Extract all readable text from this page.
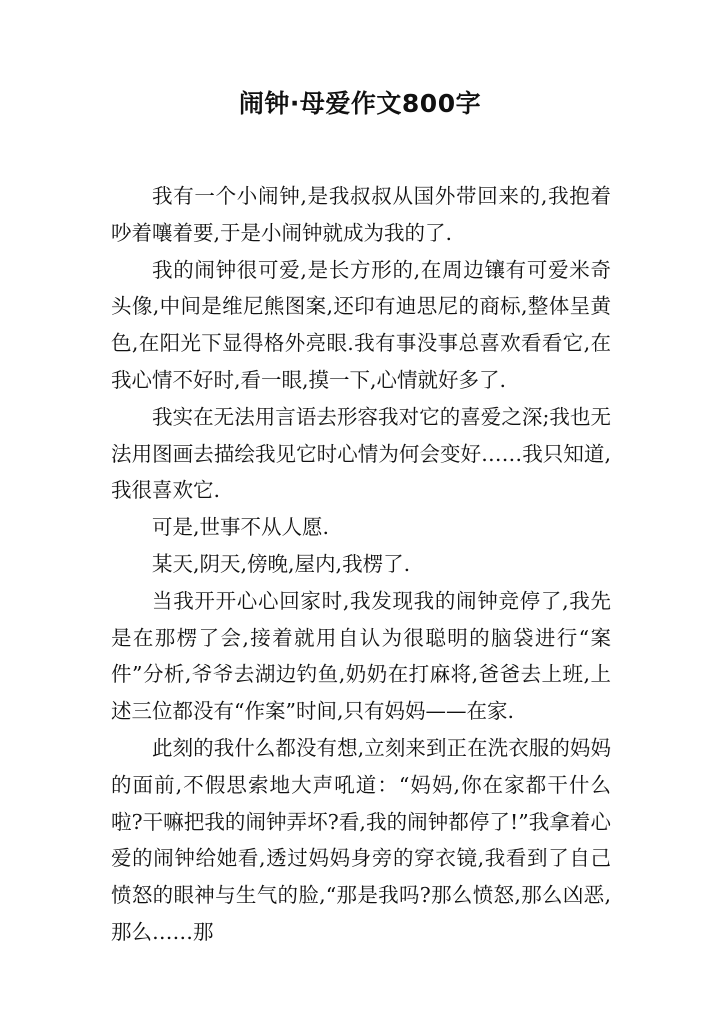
闹钟·母爱作文800字

我有一个小闹钟,是我叔叔从国外带回来的,我抱着吵着嚷着要,于是小闹钟就成为我的了.

我的闹钟很可爱,是长方形的,在周边镶有可爱米奇头像,中间是维尼熊图案,还印有迪思尼的商标,整体呈黄色,在阳光下显得格外亮眼.我有事没事总喜欢看看它,在我心情不好时,看一眼,摸一下,心情就好多了.

我实在无法用言语去形容我对它的喜爱之深;我也无法用图画去描绘我见它时心情为何会变好……我只知道,我很喜欢它.

可是,世事不从人愿.

某天,阴天,傍晚,屋内,我楞了.

当我开开心心回家时,我发现我的闹钟竞停了,我先是在那楞了会,接着就用自认为很聪明的脑袋进行“案件”分析,爷爷去湖边钓鱼,奶奶在打麻将,爸爸去上班,上述三位都没有“作案”时间,只有妈妈——在家.

此刻的我什么都没有想,立刻来到正在洗衣服的妈妈的面前,不假思索地大声吼道：“妈妈,你在家都干什么啦?干嘛把我的闹钟弄坏?看,我的闹钟都停了!”我拿着心爱的闹钟给她看,透过妈妈身旁的穿衣镜,我看到了自己愤怒的眼神与生气的脸,“那是我吗?那么愤怒,那么凶恶,那么……那
